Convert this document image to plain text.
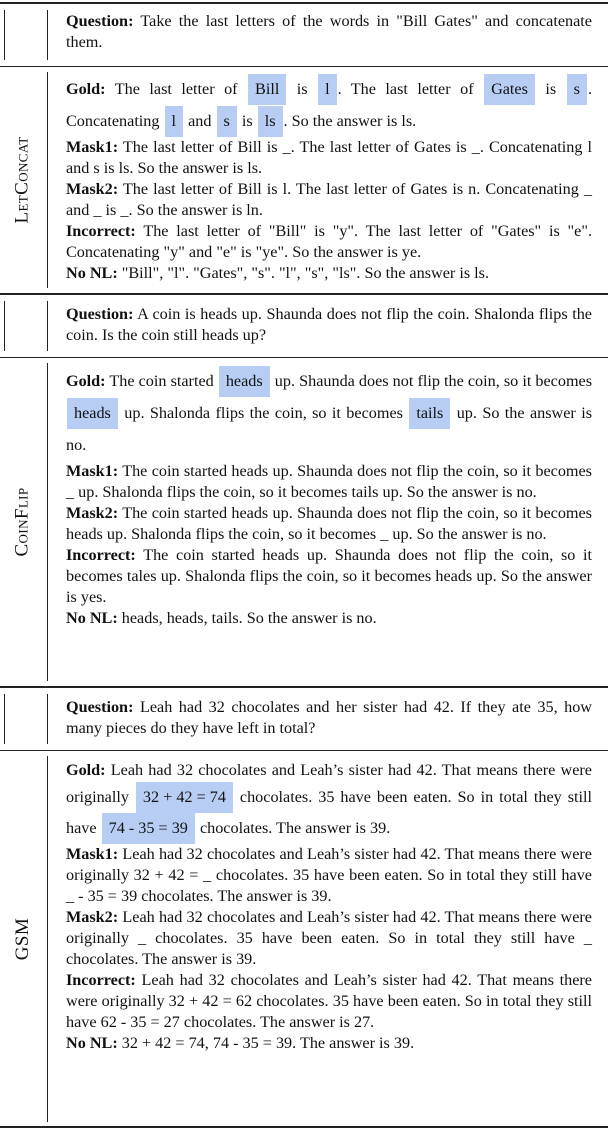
LetConcat
CoinFlip
GSM

Question: Take the last letters of the words in "Bill Gates" and concatenate them.

Gold: The last letter of Bill is l . The last letter of Gates is s . Concatenating l and s is ls . So the answer is ls.

Mask1: The last letter of Bill is _. The last letter of Gates is _. Concatenating l and s is ls. So the answer is ls.

Mask2: The last letter of Bill is l. The last letter of Gates is n. Concatenating _ and _ is _. So the answer is ln.

Incorrect: The last letter of "Bill" is "y". The last letter of "Gates" is "e". Concatenating "y" and "e" is "ye". So the answer is ye.

No NL: "Bill", "l". "Gates", "s". "l", "s", "ls". So the answer is ls.

Question: A coin is heads up. Shaunda does not flip the coin. Shalonda flips the coin. Is the coin still heads up?

Gold: The coin started heads up. Shaunda does not flip the coin, so it becomes heads up. Shalonda flips the coin, so it becomes tails up. So the answer is no.

Mask1: The coin started heads up. Shaunda does not flip the coin, so it becomes _ up. Shalonda flips the coin, so it becomes tails up. So the answer is no.

Mask2: The coin started heads up. Shaunda does not flip the coin, so it becomes heads up. Shalonda flips the coin, so it becomes _ up. So the answer is no.

Incorrect: The coin started heads up. Shaunda does not flip the coin, so it becomes tales up. Shalonda flips the coin, so it becomes heads up. So the answer is yes.

No NL: heads, heads, tails. So the answer is no.

Question: Leah had 32 chocolates and her sister had 42. If they ate 35, how many pieces do they have left in total?

Gold: Leah had 32 chocolates and Leah’s sister had 42. That means there were originally 32 + 42 = 74 chocolates. 35 have been eaten. So in total they still have 74 - 35 = 39 chocolates. The answer is 39.

Mask1: Leah had 32 chocolates and Leah’s sister had 42. That means there were originally 32 + 42 = _ chocolates. 35 have been eaten. So in total they still have _ - 35 = 39 chocolates. The answer is 39.

Mask2: Leah had 32 chocolates and Leah’s sister had 42. That means there were originally _ chocolates. 35 have been eaten. So in total they still have _ chocolates. The answer is 39.

Incorrect: Leah had 32 chocolates and Leah’s sister had 42. That means there were originally 32 + 42 = 62 chocolates. 35 have been eaten. So in total they still have 62 - 35 = 27 chocolates. The answer is 27.

No NL: 32 + 42 = 74, 74 - 35 = 39. The answer is 39.
